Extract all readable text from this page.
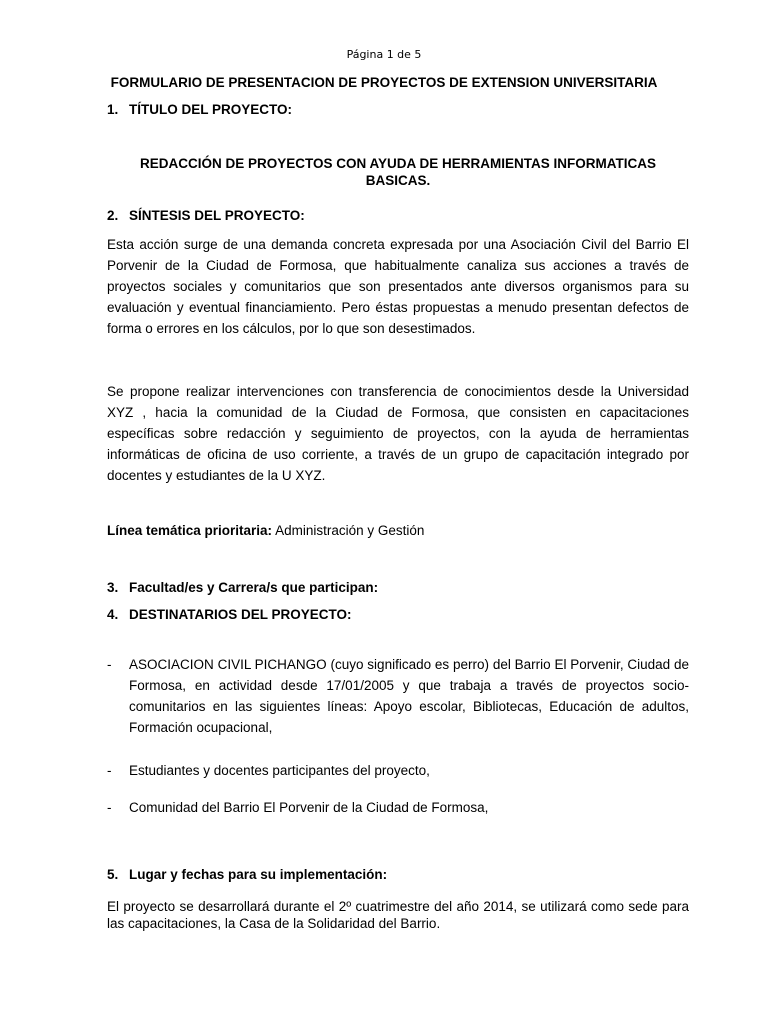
Página 1 de 5
FORMULARIO DE PRESENTACION DE PROYECTOS DE EXTENSION UNIVERSITARIA
1. TÍTULO DEL PROYECTO:
REDACCIÓN DE PROYECTOS CON AYUDA DE HERRAMIENTAS INFORMATICAS BASICAS.
2. SÍNTESIS DEL PROYECTO:

Esta acción surge de una demanda concreta expresada por una Asociación Civil del Barrio El Porvenir de la Ciudad de Formosa, que habitualmente canaliza sus acciones a través de proyectos sociales y comunitarios que son presentados ante diversos organismos para su evaluación y eventual financiamiento. Pero éstas propuestas a menudo presentan defectos de forma o errores en los cálculos, por lo que son desestimados.

Se propone realizar intervenciones con transferencia de conocimientos desde la Universidad XYZ , hacia la comunidad de la Ciudad de Formosa, que consisten en capacitaciones específicas sobre redacción y seguimiento de proyectos, con la ayuda de herramientas informáticas de oficina de uso corriente, a través de un grupo de capacitación integrado por docentes y estudiantes de la U XYZ.

Línea temática prioritaria: Administración y Gestión
3. Facultad/es y Carrera/s que participan:
4. DESTINATARIOS DEL PROYECTO:
- ASOCIACION CIVIL PICHANGO (cuyo significado es perro) del Barrio El Porvenir, Ciudad de Formosa, en actividad desde 17/01/2005 y que trabaja a través de proyectos socio-comunitarios en las siguientes líneas: Apoyo escolar, Bibliotecas, Educación de adultos, Formación ocupacional,
- Estudiantes y docentes participantes del proyecto,
- Comunidad del Barrio El Porvenir de la Ciudad de Formosa,
5. Lugar y fechas para su implementación:

El proyecto se desarrollará durante el 2º cuatrimestre del año 2014, se utilizará como sede para las capacitaciones, la Casa de la Solidaridad del Barrio.
